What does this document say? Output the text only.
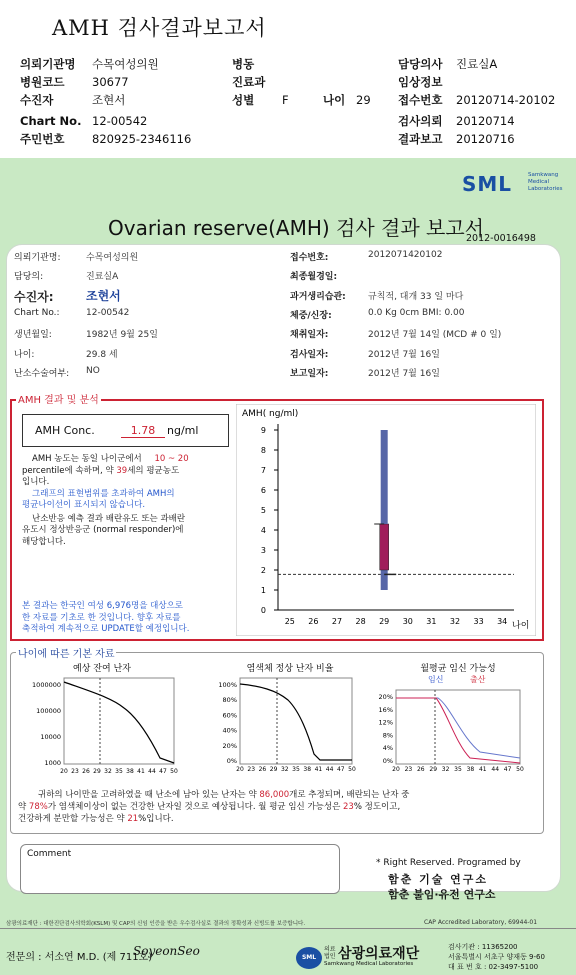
AMH 검사결과보고서
의뢰기관명 수목여성의원	병동	담당의사 진료실A
병원코드 30677	진료과	임상정보
수진자	조현서	성별 F	나이 29 접수번호 20120714-20102
Chart No. 12-00542	검사의뢰 20120714
주민번호 820925-2346116	결과보고 20120716
SML	Samkwang Medical Laboratories
Ovarian reserve(AMH) 검사 결과 보고서
2012-0016498
의뢰기관명:	수목여성의원
담당의:	진료실A
수진자:	조현서
Chart No.:	12-00542
생년월일:	1982년 9월 25일
나이:	29.8 세
난소수술여부: NO
접수번호:	2012071420102
최종월경일:
과거생리습관: 규칙적, 대개 33 일 마다
체중/신장:	0.0 Kg 0cm BMI: 0.00
채취일자:	2012년 7월 14일 (MCD # 0 일)
검사일자:	2012년 7월 16일
보고일자:	2012년 7월 16일
AMH 결과 및 분석
AMH Conc.	1.78	ng/ml
AMH 농도는 동일 나이군에서 10 ~ 20
percentile에 속하며, 약 39세의 평균농도
입니다.
그래프의 표현범위를 초과하여 AMH의
평균나이선이 표시되지 않습니다.
난소반응 예측 결과 배란유도 또는 과배란
유도시 정상반응군 (normal responder)에
해당합니다.
본 결과는 한국인 여성 6,976명을 대상으로
한 자료를 기초로 한 것입니다. 향후 자료를
축적하여 계속적으로 UPDATE할 예정입니다.
AMH( ng/ml)
0
1
2
3
4
5
6
7
8
9
25 26 27 28 29 30 31 32 33 34 나이
나이에 따른 기본 자료
예상 잔여 난자
1000000
100000
10000
1000
20 23 26 29 32 35 38 41 44 47 50
염색체 정상 난자 비율
100%
80%
60%
40%
20%
0%
20 23 26 29 32 35 38 41 44 47 50
월평균 임신 가능성
임신	출산
20%
16%
12%
8%
4%
0%
20 23 26 29 32 35 38 41 44 47 50
귀하의 나이만을 고려하였을 때 난소에 남아 있는 난자는 약 86,000개로 추정되며, 배란되는 난자 중
약 78%가 염색체이상이 없는 건강한 난자일 것으로 예상됩니다. 월 평균 임신 가능성은 23% 정도이고,
건강하게 분만할 가능성은 약 21%입니다.
Comment
* Right Reserved. Programed by
함춘 기술 연구소
함춘 불임·유전 연구소
삼광의료재단 : 대한진단검사의학회(KSLM) 및 CAP의 신임 인증을 받은 우수검사실로 결과의 정확성과 신빙도를 보증합니다.	CAP Accredited Laboratory, 69944-01
전문의 : 서소연 M.D. (제 711호)
SoyeonSeo	SML
의료법인 삼광의료재단
Samkwang Medical Laboratories
검사기관 : 11365200
서울특별시 서초구 양재동 9-60
대 표 번 호 : 02-3497-5100
